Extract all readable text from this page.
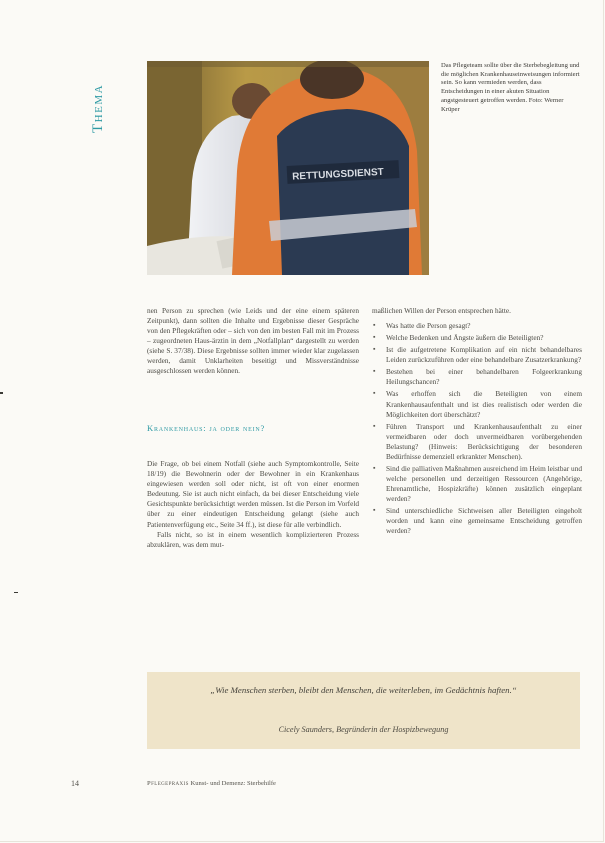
Thema
RETTUNGSDIENST
Das Pflegeteam sollte über die Sterbebegleitung und die möglichen Krankenhauseinweisungen informiert sein. So kann vermieden werden, dass Entscheidungen in einer akuten Situation angstgesteuert getroffen werden. Foto: Werner Krüper

nen Person zu sprechen (wie Leids und der eine einem späteren Zeitpunkt), dann sollten die Inhalte und Ergebnisse dieser Gespräche von den Pflegekräften oder – sich von den im besten Fall mit im Prozess – zugeordneten Haus-ärztin in dem „Notfallplan“ dargestellt zu werden (siehe S. 37/38). Diese Ergebnisse sollten immer wieder klar zugelassen werden, damit Unklarheiten beseitigt und Missverständnisse ausgeschlossen werden können.

Krankenhaus: ja oder nein?

Die Frage, ob bei einem Notfall (siehe auch Symptomkontrolle, Seite 18/19) die Bewohnerin oder der Bewohner in ein Krankenhaus eingewiesen werden soll oder nicht, ist oft von einer enormen Bedeutung. Sie ist auch nicht einfach, da bei dieser Entscheidung viele Gesichtspunkte berücksichtigt werden müssen. Ist die Person im Vorfeld über zu einer eindeutigen Entscheidung gelangt (siehe auch Patientenverfügung etc., Seite 34 ff.), ist diese für alle verbindlich.

Falls nicht, so ist in einem wesentlich komplizierteren Prozess abzuklären, was dem mut-

maßlichen Willen der Person entsprechen hätte.

▪ Was hatte die Person gesagt?
▪ Welche Bedenken und Ängste äußern die Beteiligten?
▪ Ist die aufgetretene Komplikation auf ein nicht behandelbares Leiden zurückzuführen oder eine behandelbare Zusatzerkrankung?
▪ Bestehen bei einer behandelbaren Folgeerkrankung Heilungschancen?
▪ Was erhoffen sich die Beteiligten von einem Krankenhausaufenthalt und ist dies realistisch oder werden die Möglichkeiten dort überschätzt?
▪ Führen Transport und Krankenhausaufenthalt zu einer vermeidbaren oder doch unvermeidbaren vorübergehenden Belastung? (Hinweis: Berücksichtigung der besonderen Bedürfnisse demenziell erkrankter Menschen).
▪ Sind die palliativen Maßnahmen ausreichend im Heim leistbar und welche personellen und derzeitigen Ressourcen (Angehörige, Ehrenamtliche, Hospizkräfte) können zusätzlich eingeplant werden?
▪ Sind unterschiedliche Sichtweisen aller Beteiligten eingeholt worden und kann eine gemeinsame Entscheidung getroffen werden?
„Wie Menschen sterben, bleibt den Menschen, die weiterleben, im Gedächtnis haften.“
Cicely Saunders, Begründerin der Hospizbewegung
14	Pflegepraxis Kunst- und Demenz: Sterbehilfe
